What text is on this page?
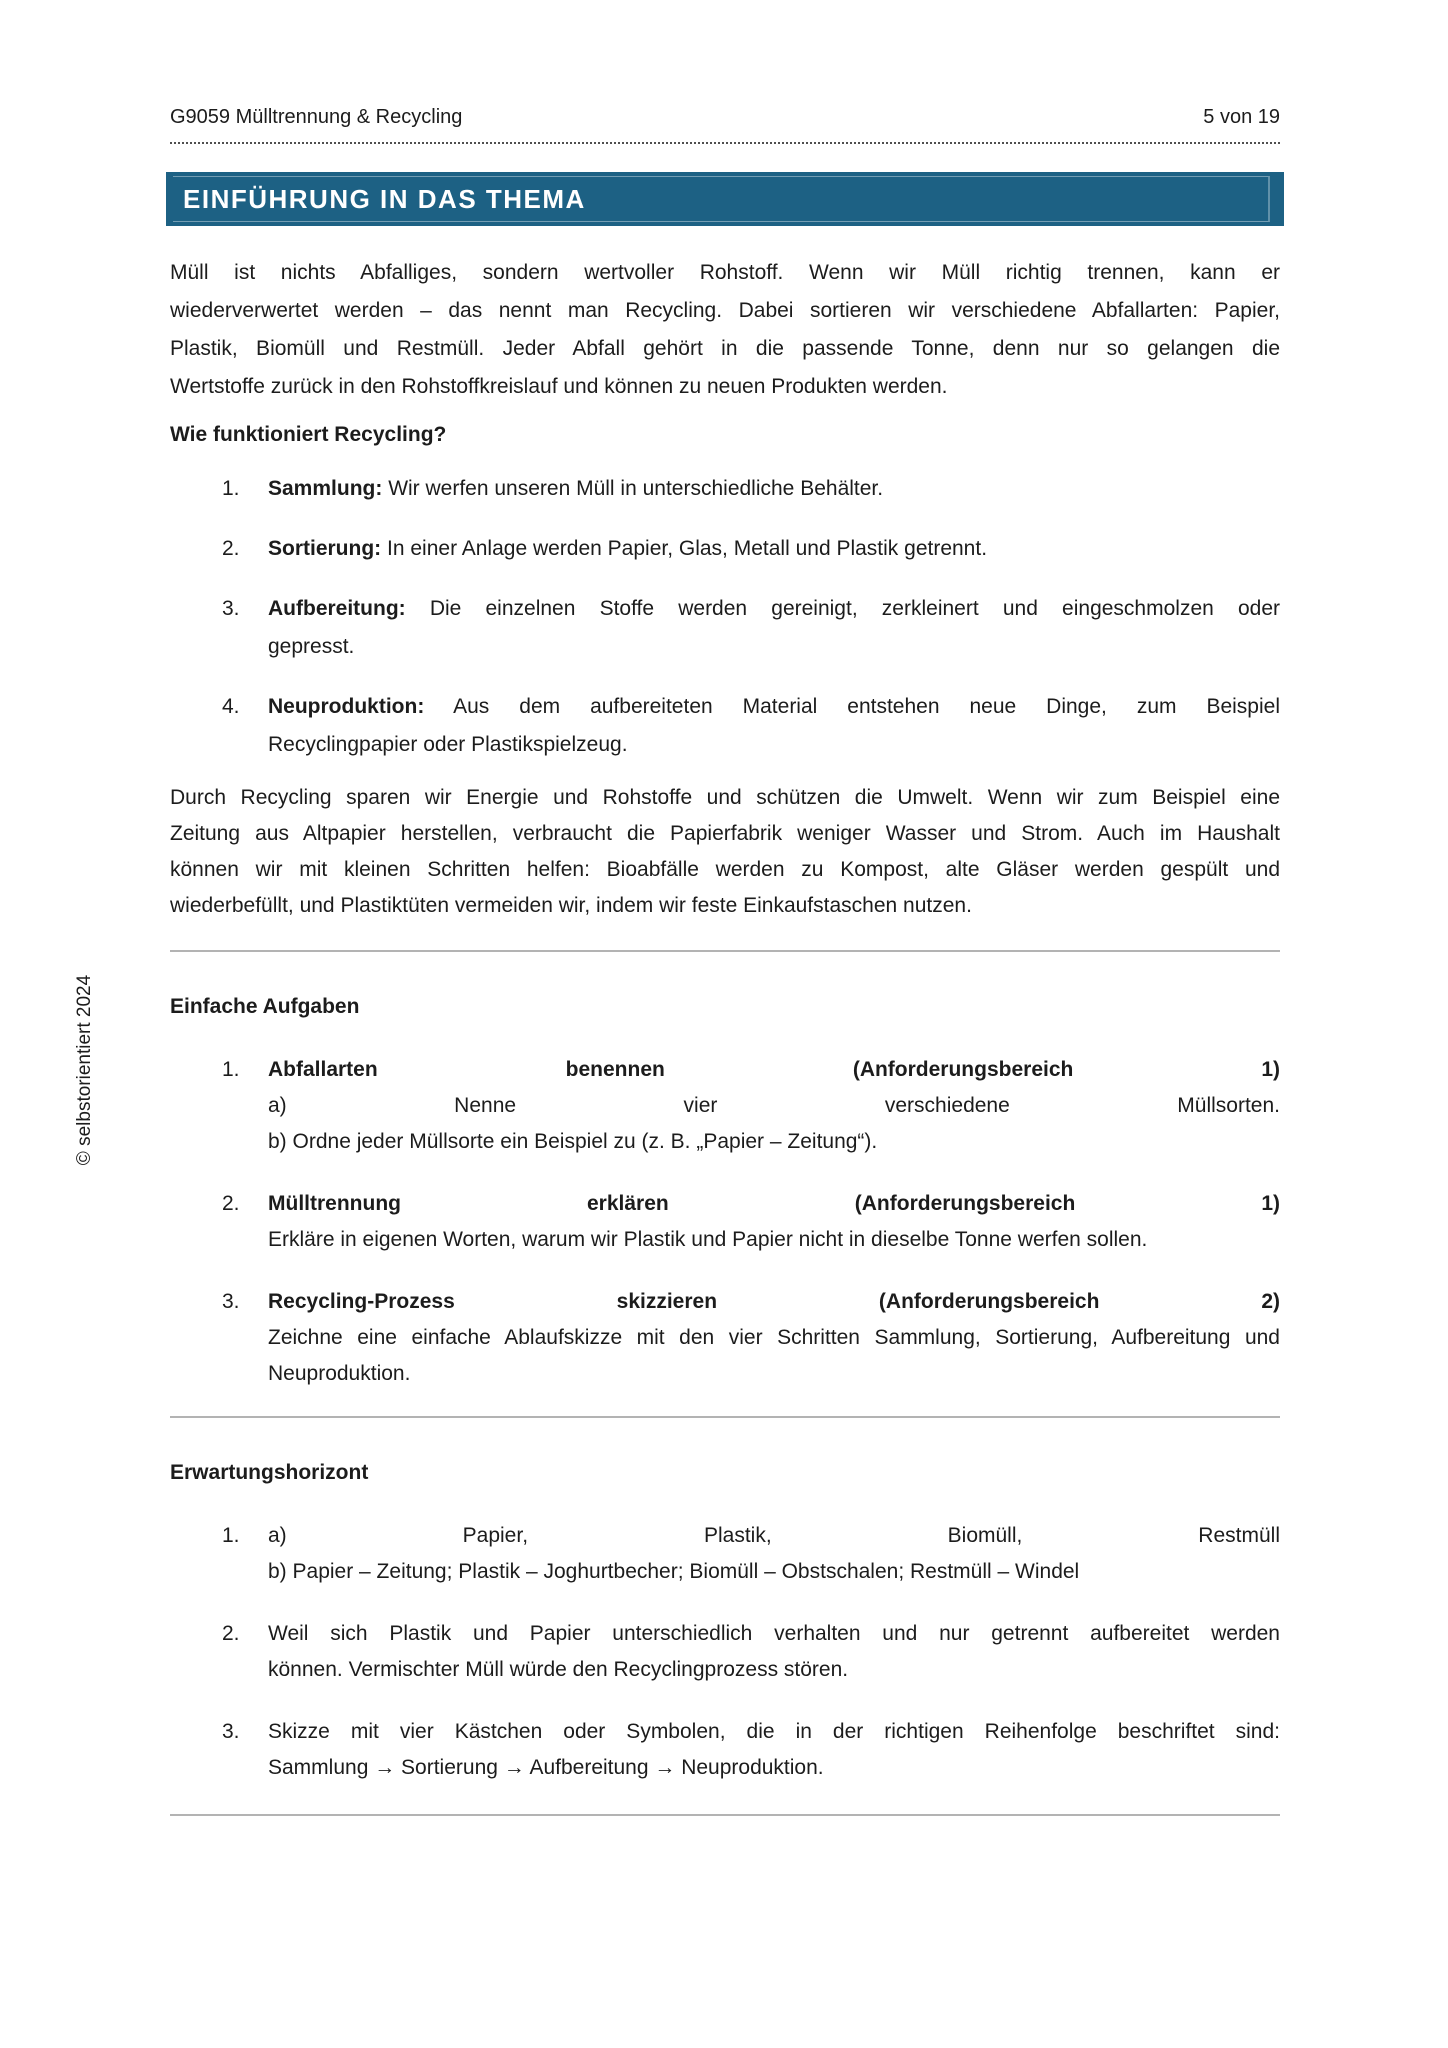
© selbstorientiert 2024
G9059 Mülltrennung & Recycling	5 von 19
EINFÜHRUNG IN DAS THEMA
Müll ist nichts Abfalliges, sondern wertvoller Rohstoff. Wenn wir Müll richtig trennen, kann er
wiederverwertet werden – das nennt man Recycling. Dabei sortieren wir verschiedene Abfallarten: Papier,
Plastik, Biomüll und Restmüll. Jeder Abfall gehört in die passende Tonne, denn nur so gelangen die
Wertstoffe zurück in den Rohstoffkreislauf und können zu neuen Produkten werden.
Wie funktioniert Recycling?
1.	Sammlung: Wir werfen unseren Müll in unterschiedliche Behälter.
2.	Sortierung: In einer Anlage werden Papier, Glas, Metall und Plastik getrennt.
3.	Aufbereitung: Die einzelnen Stoffe werden gereinigt, zerkleinert und eingeschmolzen oder
gepresst.
4.	Neuproduktion: Aus dem aufbereiteten Material entstehen neue Dinge, zum Beispiel
Recyclingpapier oder Plastikspielzeug.
Durch Recycling sparen wir Energie und Rohstoffe und schützen die Umwelt. Wenn wir zum Beispiel eine
Zeitung aus Altpapier herstellen, verbraucht die Papierfabrik weniger Wasser und Strom. Auch im Haushalt
können wir mit kleinen Schritten helfen: Bioabfälle werden zu Kompost, alte Gläser werden gespült und
wiederbefüllt, und Plastiktüten vermeiden wir, indem wir feste Einkaufstaschen nutzen.
Einfache Aufgaben
1.	Abfallarten benennen (Anforderungsbereich 1)
a) Nenne vier verschiedene Müllsorten.
b) Ordne jeder Müllsorte ein Beispiel zu (z. B. „Papier – Zeitung“).
2.	Mülltrennung erklären (Anforderungsbereich 1)
Erkläre in eigenen Worten, warum wir Plastik und Papier nicht in dieselbe Tonne werfen sollen.
3.	Recycling-Prozess skizzieren (Anforderungsbereich 2)
Zeichne eine einfache Ablaufskizze mit den vier Schritten Sammlung, Sortierung, Aufbereitung und
Neuproduktion.
Erwartungshorizont
1.	a) Papier, Plastik, Biomüll, Restmüll
b) Papier – Zeitung; Plastik – Joghurtbecher; Biomüll – Obstschalen; Restmüll – Windel
2.	Weil sich Plastik und Papier unterschiedlich verhalten und nur getrennt aufbereitet werden
können. Vermischter Müll würde den Recyclingprozess stören.
3.	Skizze mit vier Kästchen oder Symbolen, die in der richtigen Reihenfolge beschriftet sind:
Sammlung → Sortierung → Aufbereitung → Neuproduktion.
